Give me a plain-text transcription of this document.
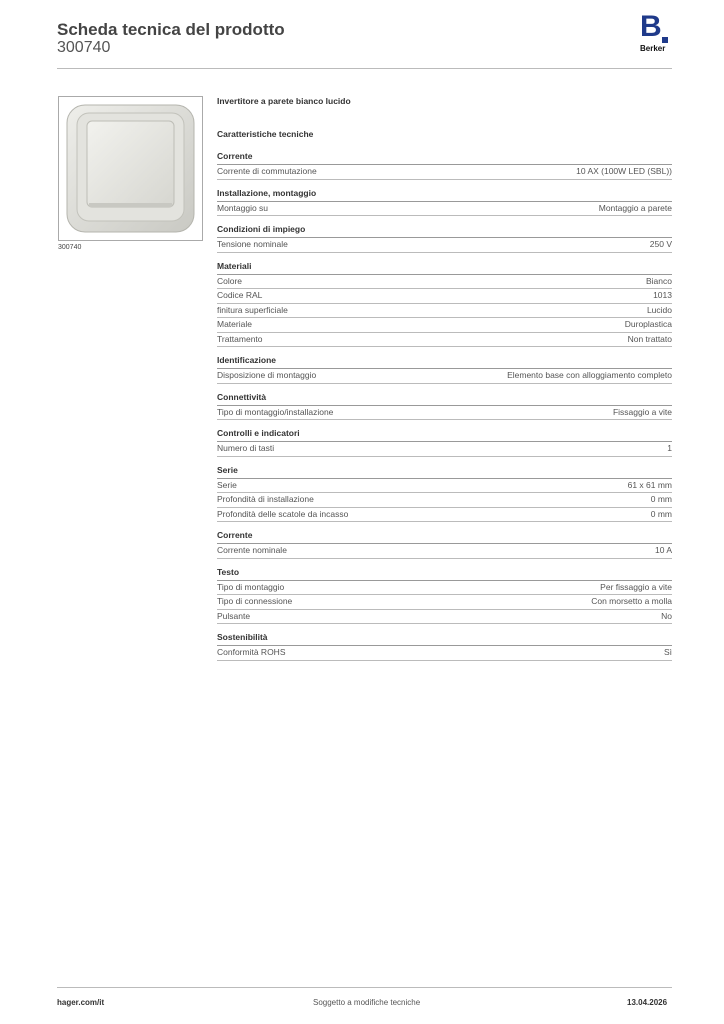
Scheda tecnica del prodotto
300740
B
Berker
300740
Invertitore a parete bianco lucido
Caratteristiche tecniche
Corrente
Corrente di commutazione	10 AX (100W LED (SBL))
Installazione, montaggio
Montaggio su	Montaggio a parete
Condizioni di impiego
Tensione nominale	250 V
Materiali
Colore	Bianco
Codice RAL	1013
finitura superficiale	Lucido
Materiale	Duroplastica
Trattamento	Non trattato
Identificazione
Disposizione di montaggio	Elemento base con alloggiamento completo
Connettività
Tipo di montaggio/installazione	Fissaggio a vite
Controlli e indicatori
Numero di tasti	1
Serie
Serie	61 x 61 mm
Profondità di installazione	0 mm
Profondità delle scatole da incasso	0 mm
Corrente
Corrente nominale	10 A
Testo
Tipo di montaggio	Per fissaggio a vite
Tipo di connessione	Con morsetto a molla
Pulsante	No
Sostenibilità
Conformità ROHS	Sì
hager.com/it	Soggetto a modifiche tecniche	13.04.2026
